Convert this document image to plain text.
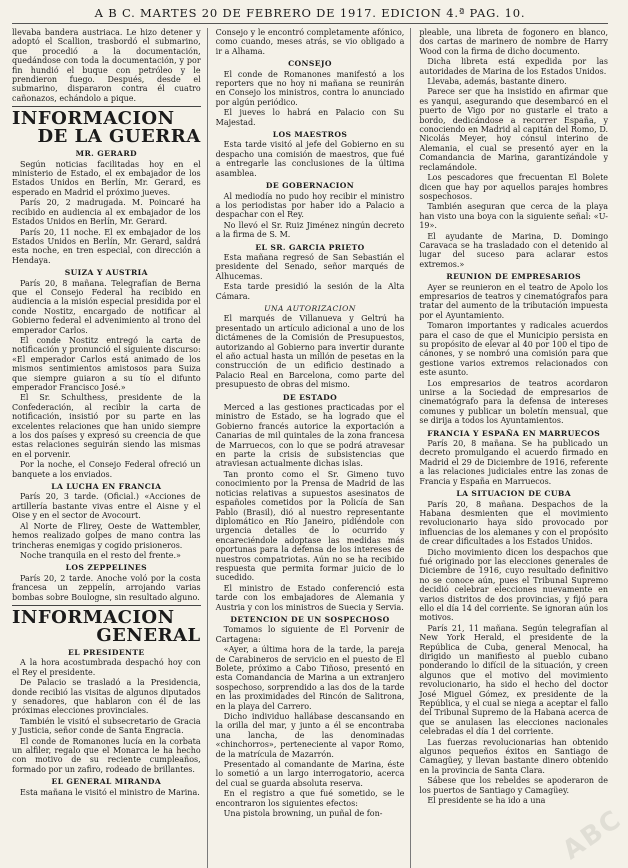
A B C. MARTES 20 DE FEBRERO DE 1917. EDICION 4.ª PAG. 10.

llevaba bandera austriaca. Le hizo detener y adoptó el Scallion, trasbordó el submarino, que procedió a la documentación, quedándose con toda la documentación, y por fin hundió el buque con petróleo y le prendieron fuego. Después, desde el submarino, dispararon contra él cuatro cañonazos, echándolo a pique.

INFORMACION
DE LA GUERRA
MR. GERARD

Según noticias facilitadas hoy en el ministerio de Estado, el ex embajador de los Estados Unidos en Berlín, Mr. Gerard, es esperado en Madrid el próximo jueves.

París 20, 2 madrugada. M. Poincaré ha recibido en audiencia al ex embajador de los Estados Unidos en Berlín, Mr. Gerard.

París 20, 11 noche. El ex embajador de los Estados Unidos en Berlín, Mr. Gerard, saldrá esta noche, en tren especial, con dirección a Hendaya.

SUIZA Y AUSTRIA

París 20, 8 mañana. Telegrafían de Berna que el Consejo Federal ha recibido en audiencia a la misión especial presidida por el conde Nostitz, encargado de notificar al Gobierno federal el advenimiento al trono del emperador Carlos.

El conde Nostitz entregó la carta de notificación y pronunció el siguiente discurso: «El emperador Carlos está animado de los mismos sentimientos amistosos para Suiza que siempre guiaron a su tío el difunto emperador Francisco José.»

El Sr. Schulthess, presidente de la Confederación, al recibir la carta de notificación, insistió por su parte en las excelentes relaciones que han unido siempre a los dos países y expresó su creencia de que estas relaciones seguirán siendo las mismas en el porvenir.

Por la noche, el Consejo Federal ofreció un banquete a los enviados.

LA LUCHA EN FRANCIA

París 20, 3 tarde. (Oficial.) «Acciones de artillería bastante vivas entre el Aisne y el Oise y en el sector de Avocourt.

Al Norte de Flirey, Oeste de Wattembler, hemos realizado golpes de mano contra las trincheras enemigas y cogido prisioneros.

Noche tranquila en el resto del frente.»

LOS ZEPPELINES

París 20, 2 tarde. Anoche voló por la costa francesa un zeppelín, arrojando varias bombas sobre Boulogne, sin resultado alguno.

INFORMACION
GENERAL
EL PRESIDENTE

A la hora acostumbrada despachó hoy con el Rey el presidente.

De Palacio se trasladó a la Presidencia, donde recibió las visitas de algunos diputados y senadores, que hablaron con él de las próximas elecciones provinciales.

También le visitó el subsecretario de Gracia y Justicia, señor conde de Santa Engracia.

El conde de Romanones lucía en la corbata un alfiler, regalo que el Monarca le ha hecho con motivo de su reciente cumpleaños, formado por un zafiro, rodeado de brillantes.

EL GENERAL MIRANDA

Esta mañana le visitó el ministro de Marina.

Consejo y le encontró completamente afónico, como cuando, meses atrás, se vio obligado a ir a Alhama.

CONSEJO

El conde de Romanones manifestó a los reporters que no hoy ni mañana se reunirán en Consejo los ministros, contra lo anunciado por algún periódico.

El jueves lo habrá en Palacio con Su Majestad.

LOS MAESTROS

Esta tarde visitó al jefe del Gobierno en su despacho una comisión de maestros, que fué a entregarle las conclusiones de la última asamblea.

DE GOBERNACION

Al mediodía no pudo hoy recibir el ministro a los periodistas por haber ido a Palacio a despachar con el Rey.

No llevó el Sr. Ruiz Jiménez ningún decreto a la firma de S. M.

EL SR. GARCIA PRIETO

Esta mañana regresó de San Sebastián el presidente del Senado, señor marqués de Alhucemas.

Esta tarde presidió la sesión de la Alta Cámara.

UNA AUTORIZACION

El marqués de Villanueva y Geltrú ha presentado un artículo adicional a uno de los dictámenes de la Comisión de Presupuestos, autorizando al Gobierno para invertir durante el año actual hasta un millón de pesetas en la construcción de un edificio destinado a Palacio Real en Barcelona, como parte del presupuesto de obras del mismo.

DE ESTADO

Merced a las gestiones practicadas por el ministro de Estado, se ha logrado que el Gobierno francés autorice la exportación a Canarias de mil quintales de la zona francesa de Marruecos, con lo que se podrá atravesar en parte la crisis de subsistencias que atraviesan actualmente dichas islas.

Tan pronto como el Sr. Gimeno tuvo conocimiento por la Prensa de Madrid de las noticias relativas a supuestos asesinatos de españoles cometidos por la Policía de San Pablo (Brasil), dió al nuestro representante diplomático en Río Janeiro, pidiéndole con urgencia detalles de lo ocurrido y encareciéndole adoptase las medidas más oportunas para la defensa de los intereses de nuestros compatriotas. Aún no se ha recibido respuesta que permita formar juicio de lo sucedido.

El ministro de Estado conferenció esta tarde con los embajadores de Alemania y Austria y con los ministros de Suecia y Servia.

DETENCION DE UN SOSPECHOSO

Tomamos lo siguiente de El Porvenir de Cartagena:

«Ayer, a última hora de la tarde, la pareja de Carabineros de servicio en el puesto de El Bolete, próximo a Cabo Tiñoso, presentó en esta Comandancia de Marina a un extranjero sospechoso, sorprendido a las dos de la tarde en las proximidades del Rincón de Salitrona, en la playa del Carrero.

Dicho individuo hallábase descansando en la orilla del mar, y junto a él se encontraba una lancha, de las denominadas «chinchorros», perteneciente al vapor Romo, de la matrícula de Mazarrón.

Presentado al comandante de Marina, éste lo sometió a un largo interrogatorio, acerca del cual se guarda absoluta reserva.

En el registro a que fué sometido, se le encontraron los siguientes efectos:

Una pistola browning, un puñal de fon-

pleable, una libreta de fogonero en blanco, dos cartas de marinero de nombre de Harry Wood con la firma de dicho documento.

Dicha libreta está expedida por las autoridades de Marina de los Estados Unidos.

Llevaba, además, bastante dinero.

Parece ser que ha insistido en afirmar que es yanqui, asegurando que desembarcó en el puerto de Vigo por no gustarle el trato a bordo, dedicándose a recorrer España, y conociendo en Madrid al capitán del Romo, D. Nicolás Meyer, hoy cónsul interino de Alemania, el cual se presentó ayer en la Comandancia de Marina, garantizándole y reclamándole.

Los pescadores que frecuentan El Bolete dicen que hay por aquellos parajes hombres sospechosos.

También aseguran que cerca de la playa han visto una boya con la siguiente señal: «U-19».

El ayudante de Marina, D. Domingo Caravaca se ha trasladado con el detenido al lugar del suceso para aclarar estos extremos.»

REUNION DE EMPRESARIOS

Ayer se reunieron en el teatro de Apolo los empresarios de teatros y cinematógrafos para tratar del aumento de la tributación impuesta por el Ayuntamiento.

Tomaron importantes y radicales acuerdos para el caso de que el Municipio persista en su propósito de elevar al 40 por 100 el tipo de cánones, y se nombró una comisión para que gestione varios extremos relacionados con este asunto.

Los empresarios de teatros acordaron unirse a la Sociedad de empresarios de cinematógrafo para la defensa de intereses comunes y publicar un boletín mensual, que se dirija a todos los Ayuntamientos.

FRANCIA Y ESPAÑA EN MARRUECOS

París 20, 8 mañana. Se ha publicado un decreto promulgando el acuerdo firmado en Madrid el 29 de Diciembre de 1916, referente a las relaciones judiciales entre las zonas de Francia y España en Marruecos.

LA SITUACION DE CUBA

París 20, 8 mañana. Despachos de la Habana desmienten que el movimiento revolucionario haya sido provocado por influencias de los alemanes y con el propósito de crear dificultades a los Estados Unidos.

Dicho movimiento dicen los despachos que fué originado por las elecciones generales de Diciembre de 1916, cuyo resultado definitivo no se conoce aún, pues el Tribunal Supremo decidió celebrar elecciones nuevamente en varios distritos de dos provincias, y fijó para ello el día 14 del corriente. Se ignoran aún los motivos.

París 21, 11 mañana. Según telegrafían al New York Herald, el presidente de la República de Cuba, general Menocal, ha dirigido un manifiesto al pueblo cubano ponderando lo difícil de la situación, y creen algunos que el motivo del movimiento revolucionario, ha sido el hecho del doctor José Miguel Gómez, ex presidente de la República, y el cual se niega a aceptar el fallo del Tribunal Supremo de la Habana acerca de que se anulasen las elecciones nacionales celebradas el día 1 del corriente.

Las fuerzas revolucionarias han obtenido algunos pequeños éxitos en Santiago de Camagüey, y llevan bastante dinero obtenido en la provincia de Santa Clara.

Sábese que los rebeldes se apoderaron de los puertos de Santiago y Camagüey.

El presidente se ha ido a una

ABC
